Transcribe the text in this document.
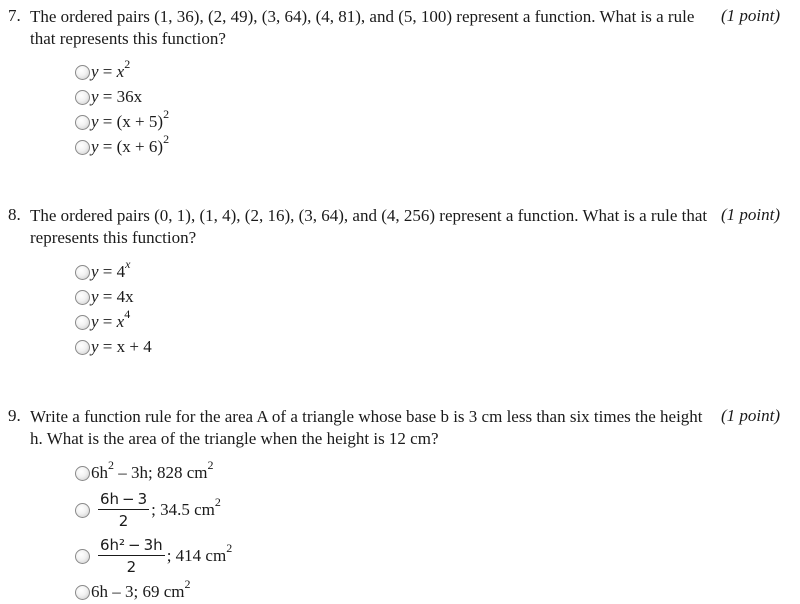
7. The ordered pairs (1, 36), (2, 49), (3, 64), (4, 81), and (5, 100) represent a function. What is a rule that represents this function?
(1 point)
$y = x^2$
y = 36x
$y = (x + 5)^2$
$y = (x + 6)^2$
8. The ordered pairs (0, 1), (1, 4), (2, 16), (3, 64), and (4, 256) represent a function. What is a rule that represents this function?
(1 point)
$y = 4^x$
y = 4x
$y = x^4$
y = x + 4
9. Write a function rule for the area A of a triangle whose base b is 3 cm less than six times the height h. What is the area of the triangle when the height is 12 cm?
(1 point)
$6h^2 - 3h$; 828 $cm^2$
$\frac{6h - 3}{2}$ ; 34.5 $cm^2$
$\frac{\text{6h² − 3h}}{2}$ ; 414 $cm^2$
6h – 3; 69 $cm^2$
